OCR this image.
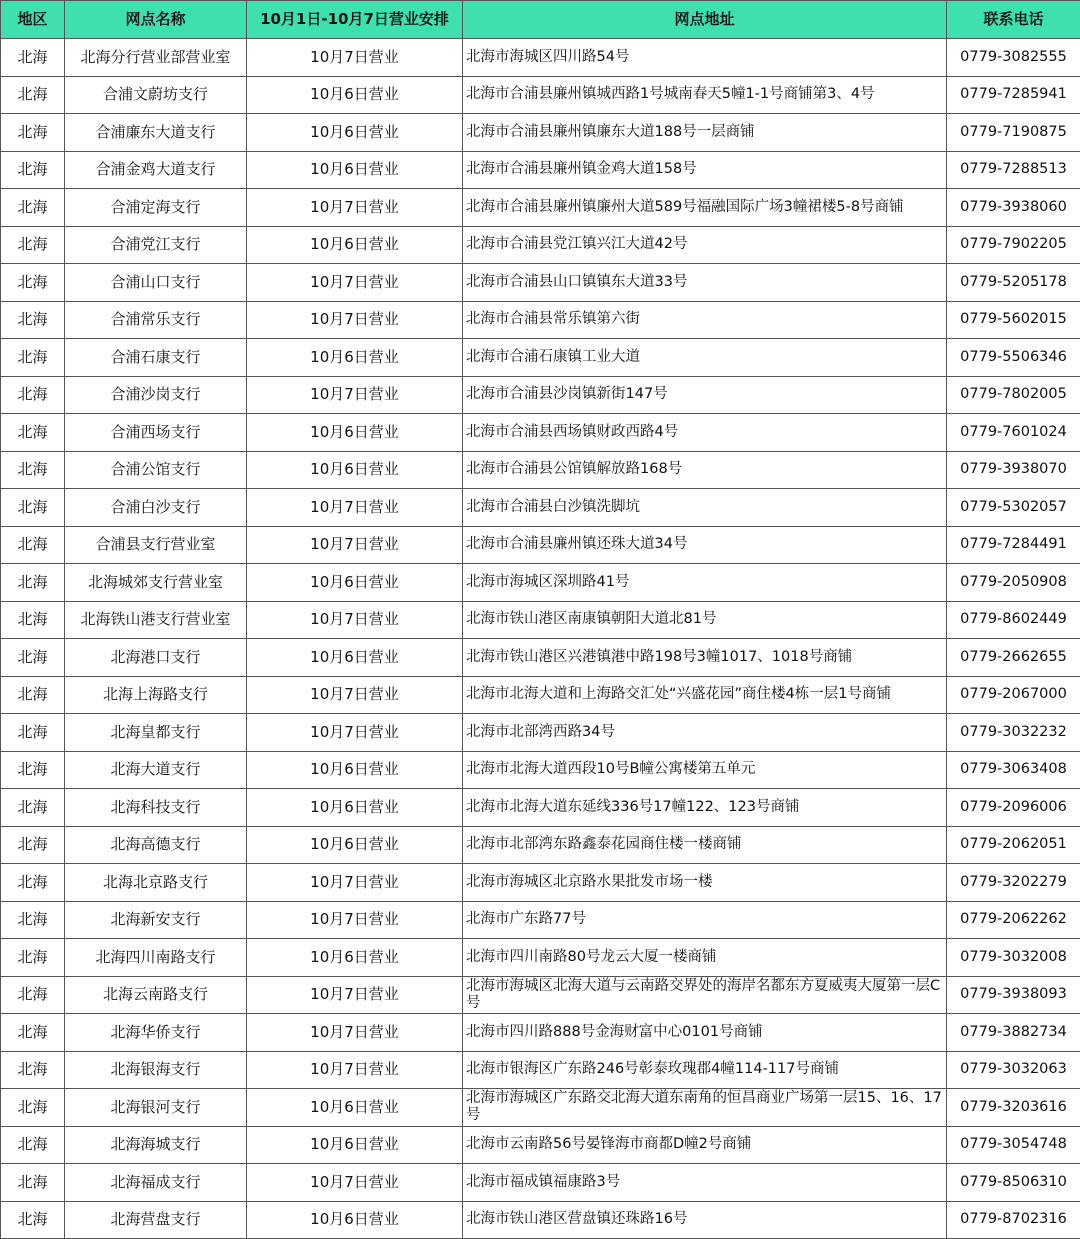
地区	网点名称	10月1日-10月7日营业安排	网点地址	联系电话
北海	北海分行营业部营业室	10月7日营业	北海市海城区四川路54号	0779-3082555
北海	合浦文蔚坊支行	10月6日营业	北海市合浦县廉州镇城西路1号城南春天5幢1-1号商铺第3、4号	0779-7285941
北海	合浦廉东大道支行	10月6日营业	北海市合浦县廉州镇廉东大道188号一层商铺	0779-7190875
北海	合浦金鸡大道支行	10月6日营业	北海市合浦县廉州镇金鸡大道158号	0779-7288513
北海	合浦定海支行	10月7日营业	北海市合浦县廉州镇廉州大道589号福融国际广场3幢裙楼5-8号商铺	0779-3938060
北海	合浦党江支行	10月6日营业	北海市合浦县党江镇兴江大道42号	0779-7902205
北海	合浦山口支行	10月7日营业	北海市合浦县山口镇镇东大道33号	0779-5205178
北海	合浦常乐支行	10月7日营业	北海市合浦县常乐镇第六街	0779-5602015
北海	合浦石康支行	10月6日营业	北海市合浦石康镇工业大道	0779-5506346
北海	合浦沙岗支行	10月7日营业	北海市合浦县沙岗镇新街147号	0779-7802005
北海	合浦西场支行	10月6日营业	北海市合浦县西场镇财政西路4号	0779-7601024
北海	合浦公馆支行	10月6日营业	北海市合浦县公馆镇解放路168号	0779-3938070
北海	合浦白沙支行	10月7日营业	北海市合浦县白沙镇洗脚坑	0779-5302057
北海	合浦县支行营业室	10月7日营业	北海市合浦县廉州镇还珠大道34号	0779-7284491
北海	北海城郊支行营业室	10月6日营业	北海市海城区深圳路41号	0779-2050908
北海	北海铁山港支行营业室	10月7日营业	北海市铁山港区南康镇朝阳大道北81号	0779-8602449
北海	北海港口支行	10月6日营业	北海市铁山港区兴港镇港中路198号3幢1017、1018号商铺	0779-2662655
北海	北海上海路支行	10月7日营业	北海市北海大道和上海路交汇处“兴盛花园”商住楼4栋一层1号商铺	0779-2067000
北海	北海皇都支行	10月7日营业	北海市北部湾西路34号	0779-3032232
北海	北海大道支行	10月6日营业	北海市北海大道西段10号B幢公寓楼第五单元	0779-3063408
北海	北海科技支行	10月6日营业	北海市北海大道东延线336号17幢122、123号商铺	0779-2096006
北海	北海高德支行	10月6日营业	北海市北部湾东路鑫泰花园商住楼一楼商铺	0779-2062051
北海	北海北京路支行	10月7日营业	北海市海城区北京路水果批发市场一楼	0779-3202279
北海	北海新安支行	10月7日营业	北海市广东路77号	0779-2062262
北海	北海四川南路支行	10月6日营业	北海市四川南路80号龙云大厦一楼商铺	0779-3032008
北海	北海云南路支行	10月7日营业	北海市海城区北海大道与云南路交界处的海岸名都东方夏威夷大厦第一层C号	0779-3938093
北海	北海华侨支行	10月7日营业	北海市四川路888号金海财富中心0101号商铺	0779-3882734
北海	北海银海支行	10月7日营业	北海市银海区广东路246号彰泰玫瑰郡4幢114-117号商铺	0779-3032063
北海	北海银河支行	10月6日营业	北海市海城区广东路交北海大道东南角的恒昌商业广场第一层15、16、17号	0779-3203616
北海	北海海城支行	10月6日营业	北海市云南路56号晏锋海市商都D幢2号商铺	0779-3054748
北海	北海福成支行	10月7日营业	北海市福成镇福康路3号	0779-8506310
北海	北海营盘支行	10月6日营业	北海市铁山港区营盘镇还珠路16号	0779-8702316
